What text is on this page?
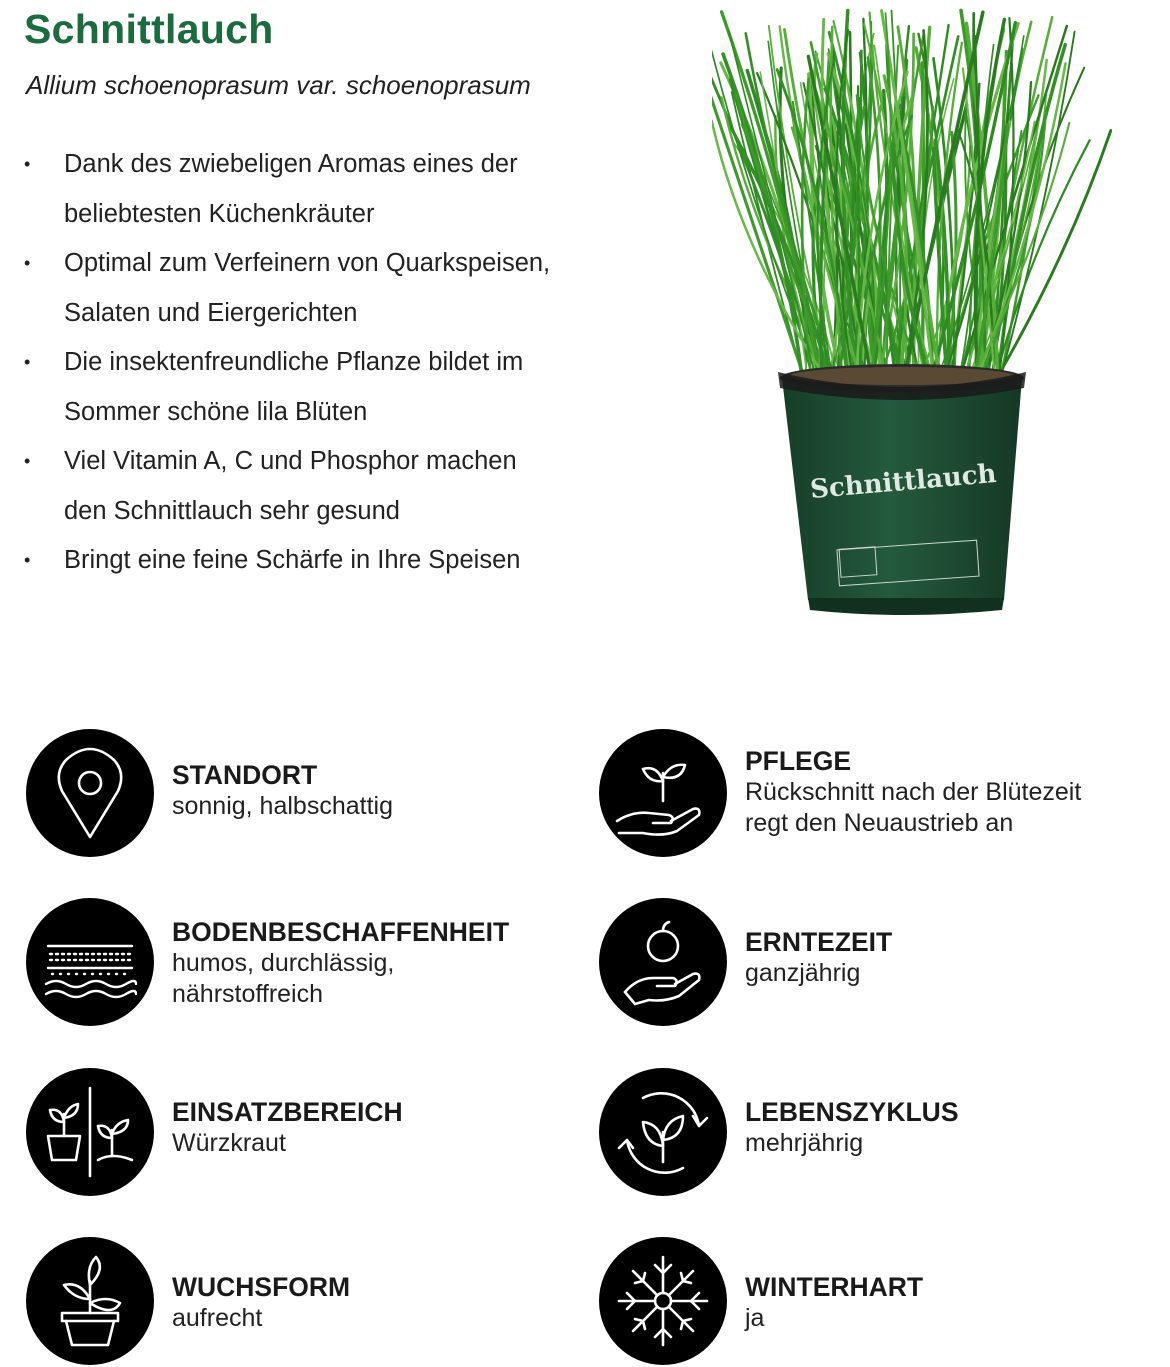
Schnittlauch
Allium schoenoprasum var. schoenoprasum
• Dank des zwiebeligen Aromas eines der beliebtesten Küchenkräuter
• Optimal zum Verfeinern von Quarkspeisen, Salaten und Eiergerichten
• Die insektenfreundliche Pflanze bildet im Sommer schöne lila Blüten
• Viel Vitamin A, C und Phosphor machen den Schnittlauch sehr gesund
• Bringt eine feine Schärfe in Ihre Speisen
Schnittlauch
STANDORT
sonnig, halbschattig
PFLEGE
Rückschnitt nach der Blütezeit
regt den Neuaustrieb an
BODENBESCHAFFENHEIT
humos, durchlässig,
nährstoffreich
ERNTEZEIT
ganzjährig
EINSATZBEREICH
Würzkraut
LEBENSZYKLUS
mehrjährig
WUCHSFORM
aufrecht
WINTERHART
ja
